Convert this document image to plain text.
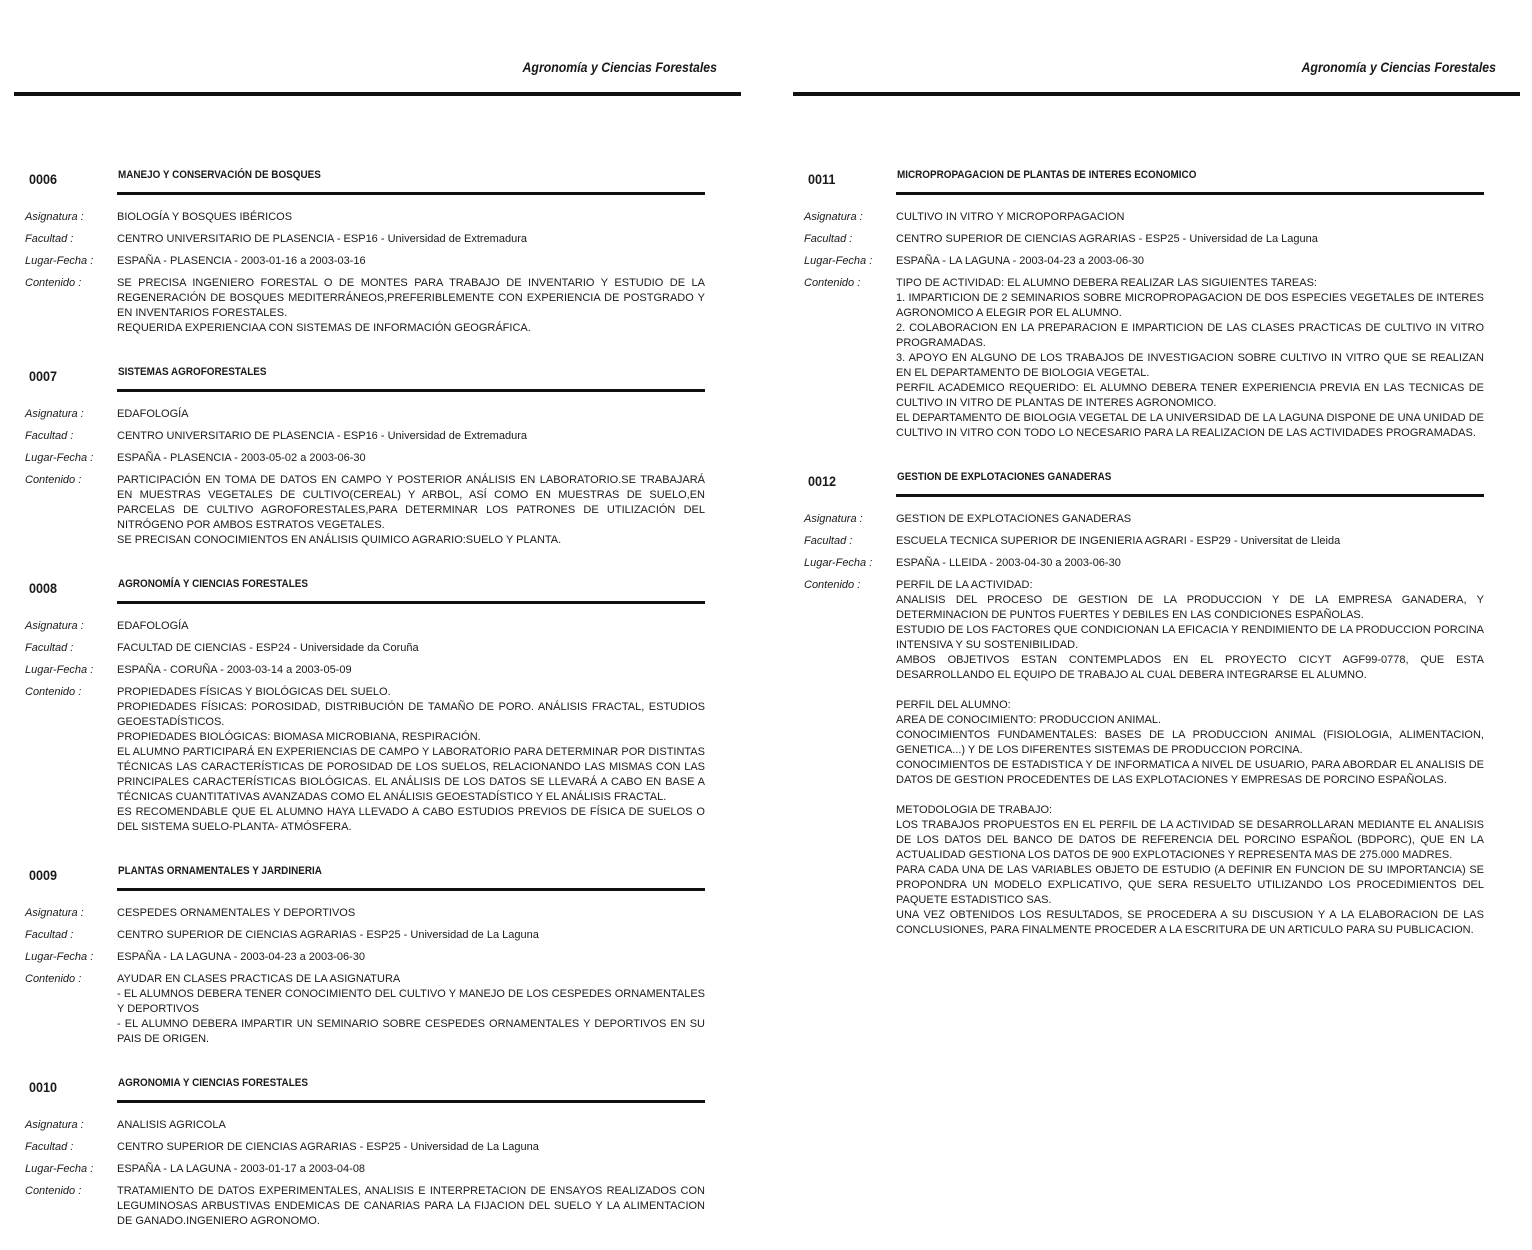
Agronomía y Ciencias Forestales
0006	MANEJO Y CONSERVACIÓN DE BOSQUES
Asignatura :	BIOLOGÍA Y BOSQUES IBÉRICOS
Facultad :	CENTRO UNIVERSITARIO DE PLASENCIA - ESP16 - Universidad de Extremadura
Lugar-Fecha :	ESPAÑA - PLASENCIA - 2003-01-16 a 2003-03-16
Contenido :	SE PRECISA INGENIERO FORESTAL O DE MONTES PARA TRABAJO DE INVENTARIO Y ESTUDIO DE LA REGENERACIÓN DE BOSQUES MEDITERRÁNEOS,PREFERIBLEMENTE CON EXPERIENCIA DE POSTGRADO Y EN INVENTARIOS FORESTALES.

REQUERIDA EXPERIENCIAA CON SISTEMAS DE INFORMACIÓN GEOGRÁFICA.

0007	SISTEMAS AGROFORESTALES
Asignatura :	EDAFOLOGÍA
Facultad :	CENTRO UNIVERSITARIO DE PLASENCIA - ESP16 - Universidad de Extremadura
Lugar-Fecha :	ESPAÑA - PLASENCIA - 2003-05-02 a 2003-06-30
Contenido :	PARTICIPACIÓN EN TOMA DE DATOS EN CAMPO Y POSTERIOR ANÁLISIS EN LABORATORIO.SE TRABAJARÁ EN MUESTRAS VEGETALES DE CULTIVO(CEREAL) Y ARBOL, ASÍ COMO EN MUESTRAS DE SUELO,EN PARCELAS DE CULTIVO AGROFORESTALES,PARA DETERMINAR LOS PATRONES DE UTILIZACIÓN DEL NITRÓGENO POR AMBOS ESTRATOS VEGETALES.

SE PRECISAN CONOCIMIENTOS EN ANÁLISIS QUIMICO AGRARIO:SUELO Y PLANTA.

0008	AGRONOMÍA Y CIENCIAS FORESTALES
Asignatura :	EDAFOLOGÍA
Facultad :	FACULTAD DE CIENCIAS - ESP24 - Universidade da Coruña
Lugar-Fecha :	ESPAÑA - CORUÑA - 2003-03-14 a 2003-05-09
Contenido :	PROPIEDADES FÍSICAS Y BIOLÓGICAS DEL SUELO.

PROPIEDADES FÍSICAS: POROSIDAD, DISTRIBUCIÓN DE TAMAÑO DE PORO. ANÁLISIS FRACTAL, ESTUDIOS GEOESTADÍSTICOS.

PROPIEDADES BIOLÓGICAS: BIOMASA MICROBIANA, RESPIRACIÓN.

EL ALUMNO PARTICIPARÁ EN EXPERIENCIAS DE CAMPO Y LABORATORIO PARA DETERMINAR POR DISTINTAS TÉCNICAS LAS CARACTERÍSTICAS DE POROSIDAD DE LOS SUELOS, RELACIONANDO LAS MISMAS CON LAS PRINCIPALES CARACTERÍSTICAS BIOLÓGICAS. EL ANÁLISIS DE LOS DATOS SE LLEVARÁ A CABO EN BASE A TÉCNICAS CUANTITATIVAS AVANZADAS COMO EL ANÁLISIS GEOESTADÍSTICO Y EL ANÁLISIS FRACTAL.

ES RECOMENDABLE QUE EL ALUMNO HAYA LLEVADO A CABO ESTUDIOS PREVIOS DE FÍSICA DE SUELOS O DEL SISTEMA SUELO-PLANTA- ATMÓSFERA.

0009	PLANTAS ORNAMENTALES Y JARDINERIA
Asignatura :	CESPEDES ORNAMENTALES Y DEPORTIVOS
Facultad :	CENTRO SUPERIOR DE CIENCIAS AGRARIAS - ESP25 - Universidad de La Laguna
Lugar-Fecha :	ESPAÑA - LA LAGUNA - 2003-04-23 a 2003-06-30
Contenido :	AYUDAR EN CLASES PRACTICAS DE LA ASIGNATURA

- EL ALUMNOS DEBERA TENER CONOCIMIENTO DEL CULTIVO Y MANEJO DE LOS CESPEDES ORNAMENTALES Y DEPORTIVOS

- EL ALUMNO DEBERA IMPARTIR UN SEMINARIO SOBRE CESPEDES ORNAMENTALES Y DEPORTIVOS EN SU PAIS DE ORIGEN.

0010	AGRONOMIA Y CIENCIAS FORESTALES
Asignatura :	ANALISIS AGRICOLA
Facultad :	CENTRO SUPERIOR DE CIENCIAS AGRARIAS - ESP25 - Universidad de La Laguna
Lugar-Fecha :	ESPAÑA - LA LAGUNA - 2003-01-17 a 2003-04-08
Contenido :	TRATAMIENTO DE DATOS EXPERIMENTALES, ANALISIS E INTERPRETACION DE ENSAYOS REALIZADOS CON LEGUMINOSAS ARBUSTIVAS ENDEMICAS DE CANARIAS PARA LA FIJACION DEL SUELO Y LA ALIMENTACION DE GANADO.INGENIERO AGRONOMO.

Agronomía y Ciencias Forestales
0011	MICROPROPAGACION DE PLANTAS DE INTERES ECONOMICO
Asignatura :	CULTIVO IN VITRO Y MICROPORPAGACION
Facultad :	CENTRO SUPERIOR DE CIENCIAS AGRARIAS - ESP25 - Universidad de La Laguna
Lugar-Fecha :	ESPAÑA - LA LAGUNA - 2003-04-23 a 2003-06-30
Contenido :	TIPO DE ACTIVIDAD: EL ALUMNO DEBERA REALIZAR LAS SIGUIENTES TAREAS:

1. IMPARTICION DE 2 SEMINARIOS SOBRE MICROPROPAGACION DE DOS ESPECIES VEGETALES DE INTERES AGRONOMICO A ELEGIR POR EL ALUMNO.

2. COLABORACION EN LA PREPARACION E IMPARTICION DE LAS CLASES PRACTICAS DE CULTIVO IN VITRO PROGRAMADAS.

3. APOYO EN ALGUNO DE LOS TRABAJOS DE INVESTIGACION SOBRE CULTIVO IN VITRO QUE SE REALIZAN EN EL DEPARTAMENTO DE BIOLOGIA VEGETAL.

PERFIL ACADEMICO REQUERIDO: EL ALUMNO DEBERA TENER EXPERIENCIA PREVIA EN LAS TECNICAS DE CULTIVO IN VITRO DE PLANTAS DE INTERES AGRONOMICO.

EL DEPARTAMENTO DE BIOLOGIA VEGETAL DE LA UNIVERSIDAD DE LA LAGUNA DISPONE DE UNA UNIDAD DE CULTIVO IN VITRO CON TODO LO NECESARIO PARA LA REALIZACION DE LAS ACTIVIDADES PROGRAMADAS.

0012	GESTION DE EXPLOTACIONES GANADERAS
Asignatura :	GESTION DE EXPLOTACIONES GANADERAS
Facultad :	ESCUELA TECNICA SUPERIOR DE INGENIERIA AGRARI - ESP29 - Universitat de Lleida
Lugar-Fecha :	ESPAÑA - LLEIDA - 2003-04-30 a 2003-06-30
Contenido :	PERFIL DE LA ACTIVIDAD:

ANALISIS DEL PROCESO DE GESTION DE LA PRODUCCION Y DE LA EMPRESA GANADERA, Y DETERMINACION DE PUNTOS FUERTES Y DEBILES EN LAS CONDICIONES ESPAÑOLAS.

ESTUDIO DE LOS FACTORES QUE CONDICIONAN LA EFICACIA Y RENDIMIENTO DE LA PRODUCCION PORCINA INTENSIVA Y SU SOSTENIBILIDAD.

AMBOS OBJETIVOS ESTAN CONTEMPLADOS EN EL PROYECTO CICYT AGF99-0778, QUE ESTA DESARROLLANDO EL EQUIPO DE TRABAJO AL CUAL DEBERA INTEGRARSE EL ALUMNO.

PERFIL DEL ALUMNO:

AREA DE CONOCIMIENTO: PRODUCCION ANIMAL.

CONOCIMIENTOS FUNDAMENTALES: BASES DE LA PRODUCCION ANIMAL (FISIOLOGIA, ALIMENTACION, GENETICA...) Y DE LOS DIFERENTES SISTEMAS DE PRODUCCION PORCINA.

CONOCIMIENTOS DE ESTADISTICA Y DE INFORMATICA A NIVEL DE USUARIO, PARA ABORDAR EL ANALISIS DE DATOS DE GESTION PROCEDENTES DE LAS EXPLOTACIONES Y EMPRESAS DE PORCINO ESPAÑOLAS.

METODOLOGIA DE TRABAJO:

LOS TRABAJOS PROPUESTOS EN EL PERFIL DE LA ACTIVIDAD SE DESARROLLARAN MEDIANTE EL ANALISIS DE LOS DATOS DEL BANCO DE DATOS DE REFERENCIA DEL PORCINO ESPAÑOL (BDPORC), QUE EN LA ACTUALIDAD GESTIONA LOS DATOS DE 900 EXPLOTACIONES Y REPRESENTA MAS DE 275.000 MADRES.

PARA CADA UNA DE LAS VARIABLES OBJETO DE ESTUDIO (A DEFINIR EN FUNCION DE SU IMPORTANCIA) SE PROPONDRA UN MODELO EXPLICATIVO, QUE SERA RESUELTO UTILIZANDO LOS PROCEDIMIENTOS DEL PAQUETE ESTADISTICO SAS.

UNA VEZ OBTENIDOS LOS RESULTADOS, SE PROCEDERA A SU DISCUSION Y A LA ELABORACION DE LAS CONCLUSIONES, PARA FINALMENTE PROCEDER A LA ESCRITURA DE UN ARTICULO PARA SU PUBLICACION.
